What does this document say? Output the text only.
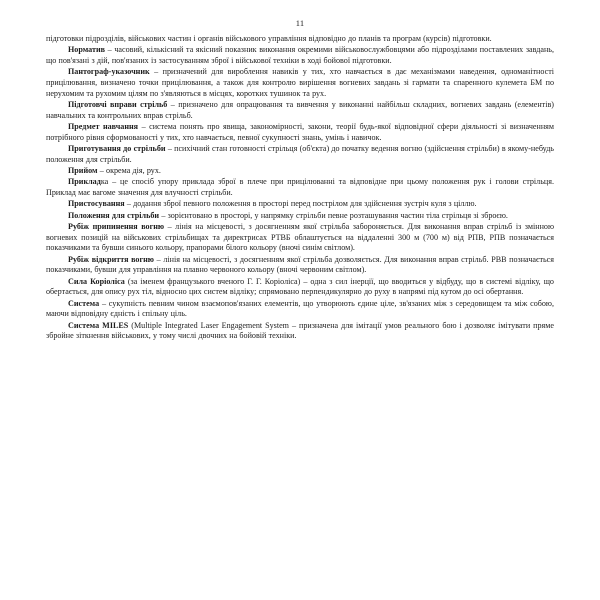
11

підготовки підрозділів, військових частин і органів військового управління відповідно до планів та програм (курсів) підготовки.

Норматив – часовий, кількісний та якісний показник виконання окремими військовослужбовцями або підрозділами поставлених завдань, що пов'язані з дій, пов'язаних із застосуванням зброї і військової техніки в ході бойової підготовки.

Пантограф-указочник – призначений для вироблення навиків у тих, хто навчається в дає механізмами наведення, одноманітності прицілювання, визначено точки прицілювання, а також для контролю вирішення вогневих завдань зі гармати та спаренного кулемета БМ по нерухомим та рухомим цілям по з'являються в місцях, коротких тушинок та рух.

Підготовчі вправи стрільб – призначено для опрацювання та вивчення у виконанні найбільш складних, вогневих завдань (елементів) навчальних та контрольних вправ стрільб.

Предмет навчання – система понять про явища, закономірності, закони, теорії будь-якої відповідної сфери діяльності зі визначенням потрібного рівня сформованості у тих, хто навчається, певної сукупності знань, умінь і навичок.

Приготування до стрільби – психічний стан готовності стрільця (об'єкта) до початку ведення вогню (здійснення стрільби) в якому-небудь положення для стрільби.

Прийом – окрема дія, рух.

Прикладка – це спосіб упору приклада зброї в плече при прицілюванні та відповідне при цьому положення рук і голови стрільця. Приклад має вагоме значення для влучності стрільби.

Пристосування – додання зброї певного положення в просторі перед пострілом для здійснення зустріч куля з ціллю.

Положення для стрільби – зорієнтовано в просторі, у напрямку стрільби певне розташування частин тіла стрільця зі зброєю.

Рубіж припинення вогню – лінія на місцевості, з досягненням якої стрільба забороняється. Для виконання вправ стрільб із змінною вогневих позицій на військових стрільбищах та директрисах РТВБ облаштується на віддаленні 300 м (700 м) від РПВ, РПВ позначається показчиками та бувши синього кольору, прапорами білого кольору (вночі синім світлом).

Рубіж відкриття вогню – лінія на місцевості, з досягненням якої стрільба дозволяється. Для виконання вправ стрільб. РВВ позначається показчиками, бувши для управління на плавно червоного кольору (вночі червоним світлом).

Сила Коріоліса (за іменем французького вченого Г. Г. Коріоліса) – одна з сил інерції, що вводиться у відбуду, що в системі відліку, що обертається, для опису рух тіл, відносно цих систем відліку; спрямовано перпендикулярно до руху в напрямі під кутом до осі обертання.

Система – сукупність певним чином взаємопов'язаних елементів, що утворюють єдине ціле, зв'язаних між з середовищем та між собою, маючи відповідну єдність і спільну ціль.

Система MILES (Multiple Integrated Laser Engagement System – призначена для імітації умов реального бою і дозволяє імітувати пряме збройне зіткнення військових, у тому числі двочних на бойовій техніки.
